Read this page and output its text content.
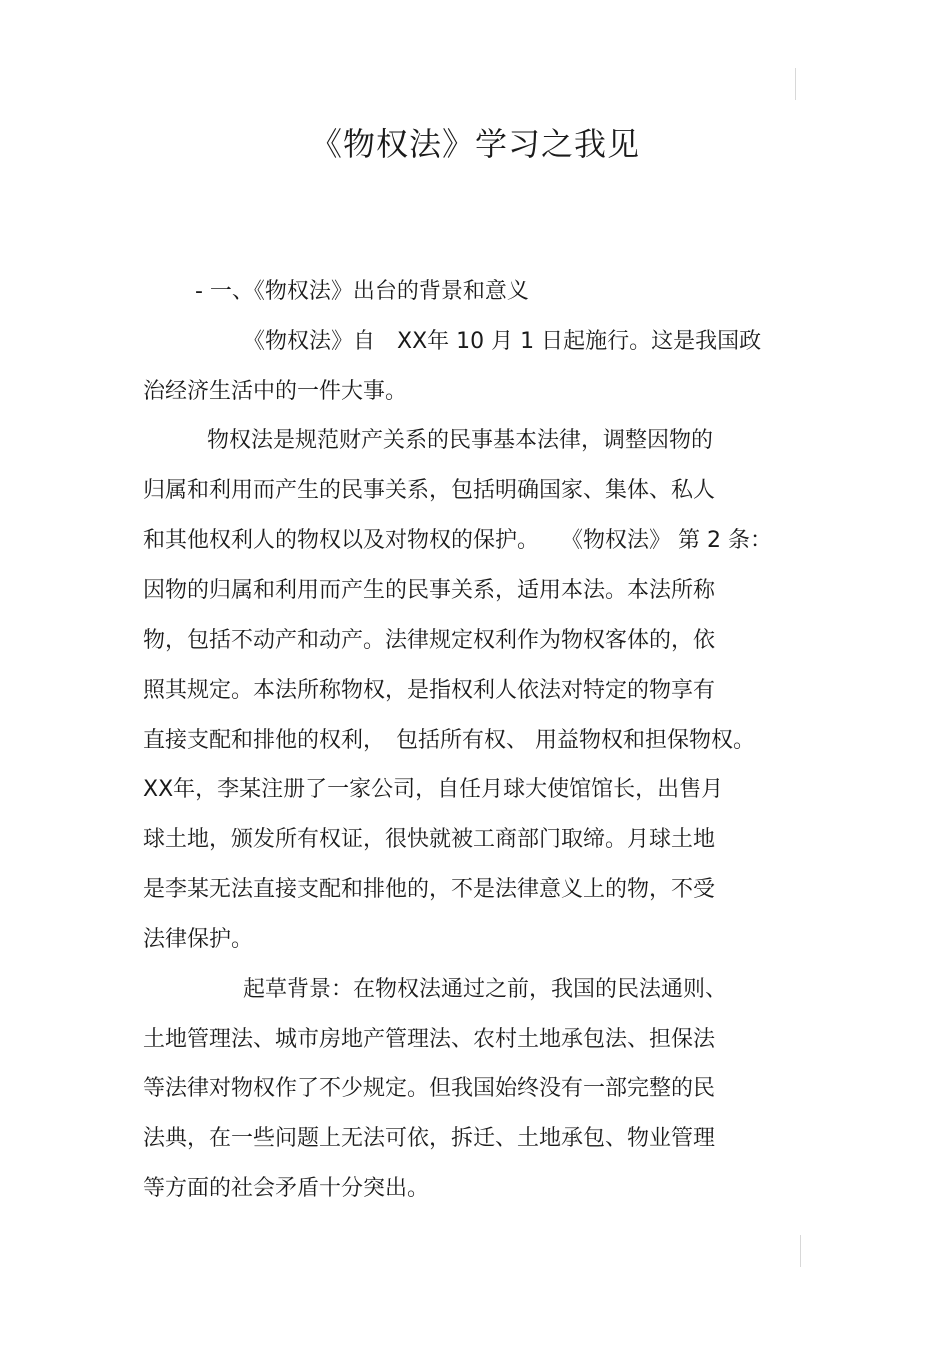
《物权法》学习之我见
- 一、《物权法》出台的背景和意义
《物权法》自　XX年 10 月 1 日起施行。这是我国政
治经济生活中的一件大事。
物权法是规范财产关系的民事基本法律，调整因物的
归属和利用而产生的民事关系，包括明确国家、集体、私人
和其他权利人的物权以及对物权的保护。　　《物权法》 第 2 条：
因物的归属和利用而产生的民事关系，适用本法。本法所称
物，包括不动产和动产。法律规定权利作为物权客体的，依
照其规定。本法所称物权，是指权利人依法对特定的物享有
直接支配和排他的权利，　包括所有权、 用益物权和担保物权。
XX年，李某注册了一家公司，自任月球大使馆馆长，出售月
球土地，颁发所有权证，很快就被工商部门取缔。月球土地
是李某无法直接支配和排他的，不是法律意义上的物，不受
法律保护。
起草背景：在物权法通过之前，我国的民法通则、
土地管理法、城市房地产管理法、农村土地承包法、担保法
等法律对物权作了不少规定。但我国始终没有一部完整的民
法典，在一些问题上无法可依，拆迁、土地承包、物业管理
等方面的社会矛盾十分突出。
